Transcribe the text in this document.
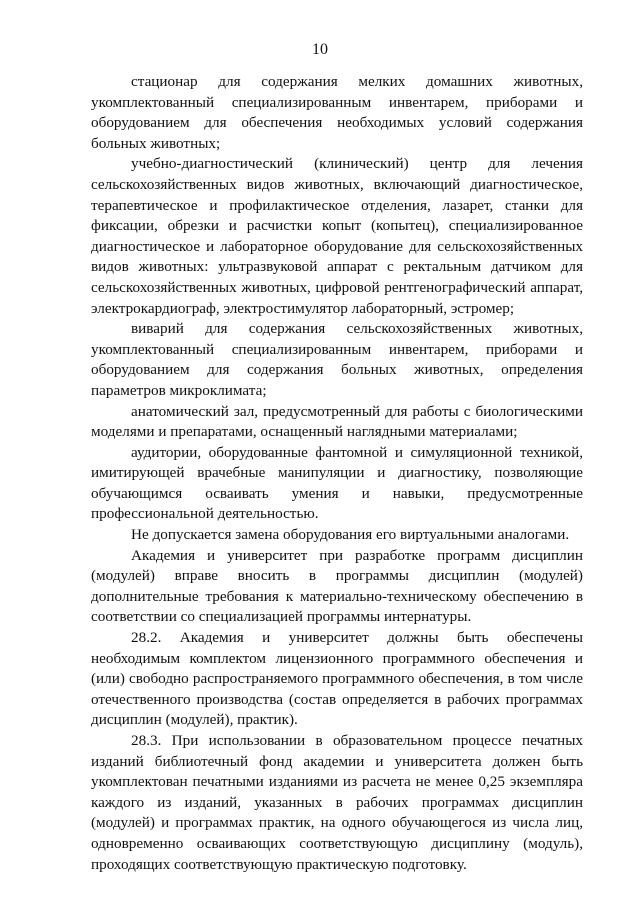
10

стационар для содержания мелких домашних животных, укомплектованный специализированным инвентарем, приборами и оборудованием для обеспечения необходимых условий содержания больных животных;

учебно-диагностический (клинический) центр для лечения сельскохозяйственных видов животных, включающий диагностическое, терапевтическое и профилактическое отделения, лазарет, станки для фиксации, обрезки и расчистки копыт (копытец), специализированное диагностическое и лабораторное оборудование для сельскохозяйственных видов животных: ультразвуковой аппарат с ректальным датчиком для сельскохозяйственных животных, цифровой рентгенографический аппарат, электрокардиограф, электростимулятор лабораторный, эстромер;

виварий для содержания сельскохозяйственных животных, укомплектованный специализированным инвентарем, приборами и оборудованием для содержания больных животных, определения параметров микроклимата;

анатомический зал, предусмотренный для работы с биологическими моделями и препаратами, оснащенный наглядными материалами;

аудитории, оборудованные фантомной и симуляционной техникой, имитирующей врачебные манипуляции и диагностику, позволяющие обучающимся осваивать умения и навыки, предусмотренные профессиональной деятельностью.

Не допускается замена оборудования его виртуальными аналогами.

Академия и университет при разработке программ дисциплин (модулей) вправе вносить в программы дисциплин (модулей) дополнительные требования к материально-техническому обеспечению в соответствии со специализацией программы интернатуры.

28.2. Академия и университет должны быть обеспечены необходимым комплектом лицензионного программного обеспечения и (или) свободно распространяемого программного обеспечения, в том числе отечественного производства (состав определяется в рабочих программах дисциплин (модулей), практик).

28.3. При использовании в образовательном процессе печатных изданий библиотечный фонд академии и университета должен быть укомплектован печатными изданиями из расчета не менее 0,25 экземпляра каждого из изданий, указанных в рабочих программах дисциплин (модулей) и программах практик, на одного обучающегося из числа лиц, одновременно осваивающих соответствующую дисциплину (модуль), проходящих соответствующую практическую подготовку.
